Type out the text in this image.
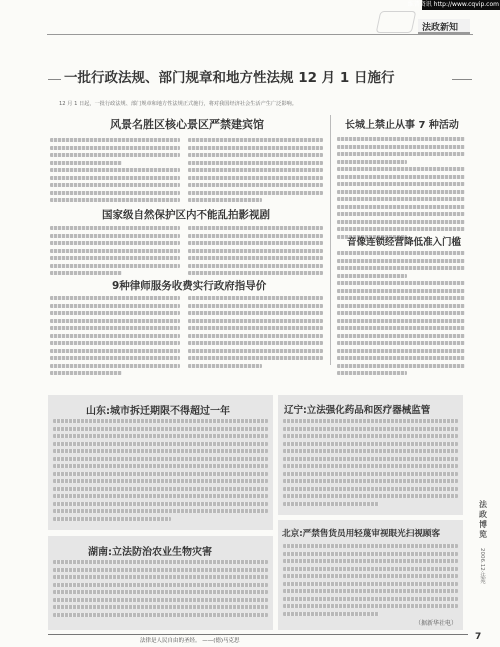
维普资讯 http://www.cqvip.com
法政新知
一批行政法规、部门规章和地方性法规 12 月 1 日施行
12 月 1 日起，一批行政法规、部门规章和地方性法规正式施行，将对我国经济社会生活产生广泛影响。
风景名胜区核心景区严禁建宾馆
国家级自然保护区内不能乱拍影视剧
9种律师服务收费实行政府指导价
长城上禁止从事 7 种活动
音像连锁经营降低准入门槛
山东:城市拆迁期限不得超过一年
湖南:立法防治农业生物灾害
辽宁:立法强化药品和医疗器械监管
北京:严禁售货员用轻蔑审视眼光扫视顾客
（据新华社电）
法
政
博
览
2006.12·法苑
法律是人民自由的圣经。 ——(德)马克思	7
